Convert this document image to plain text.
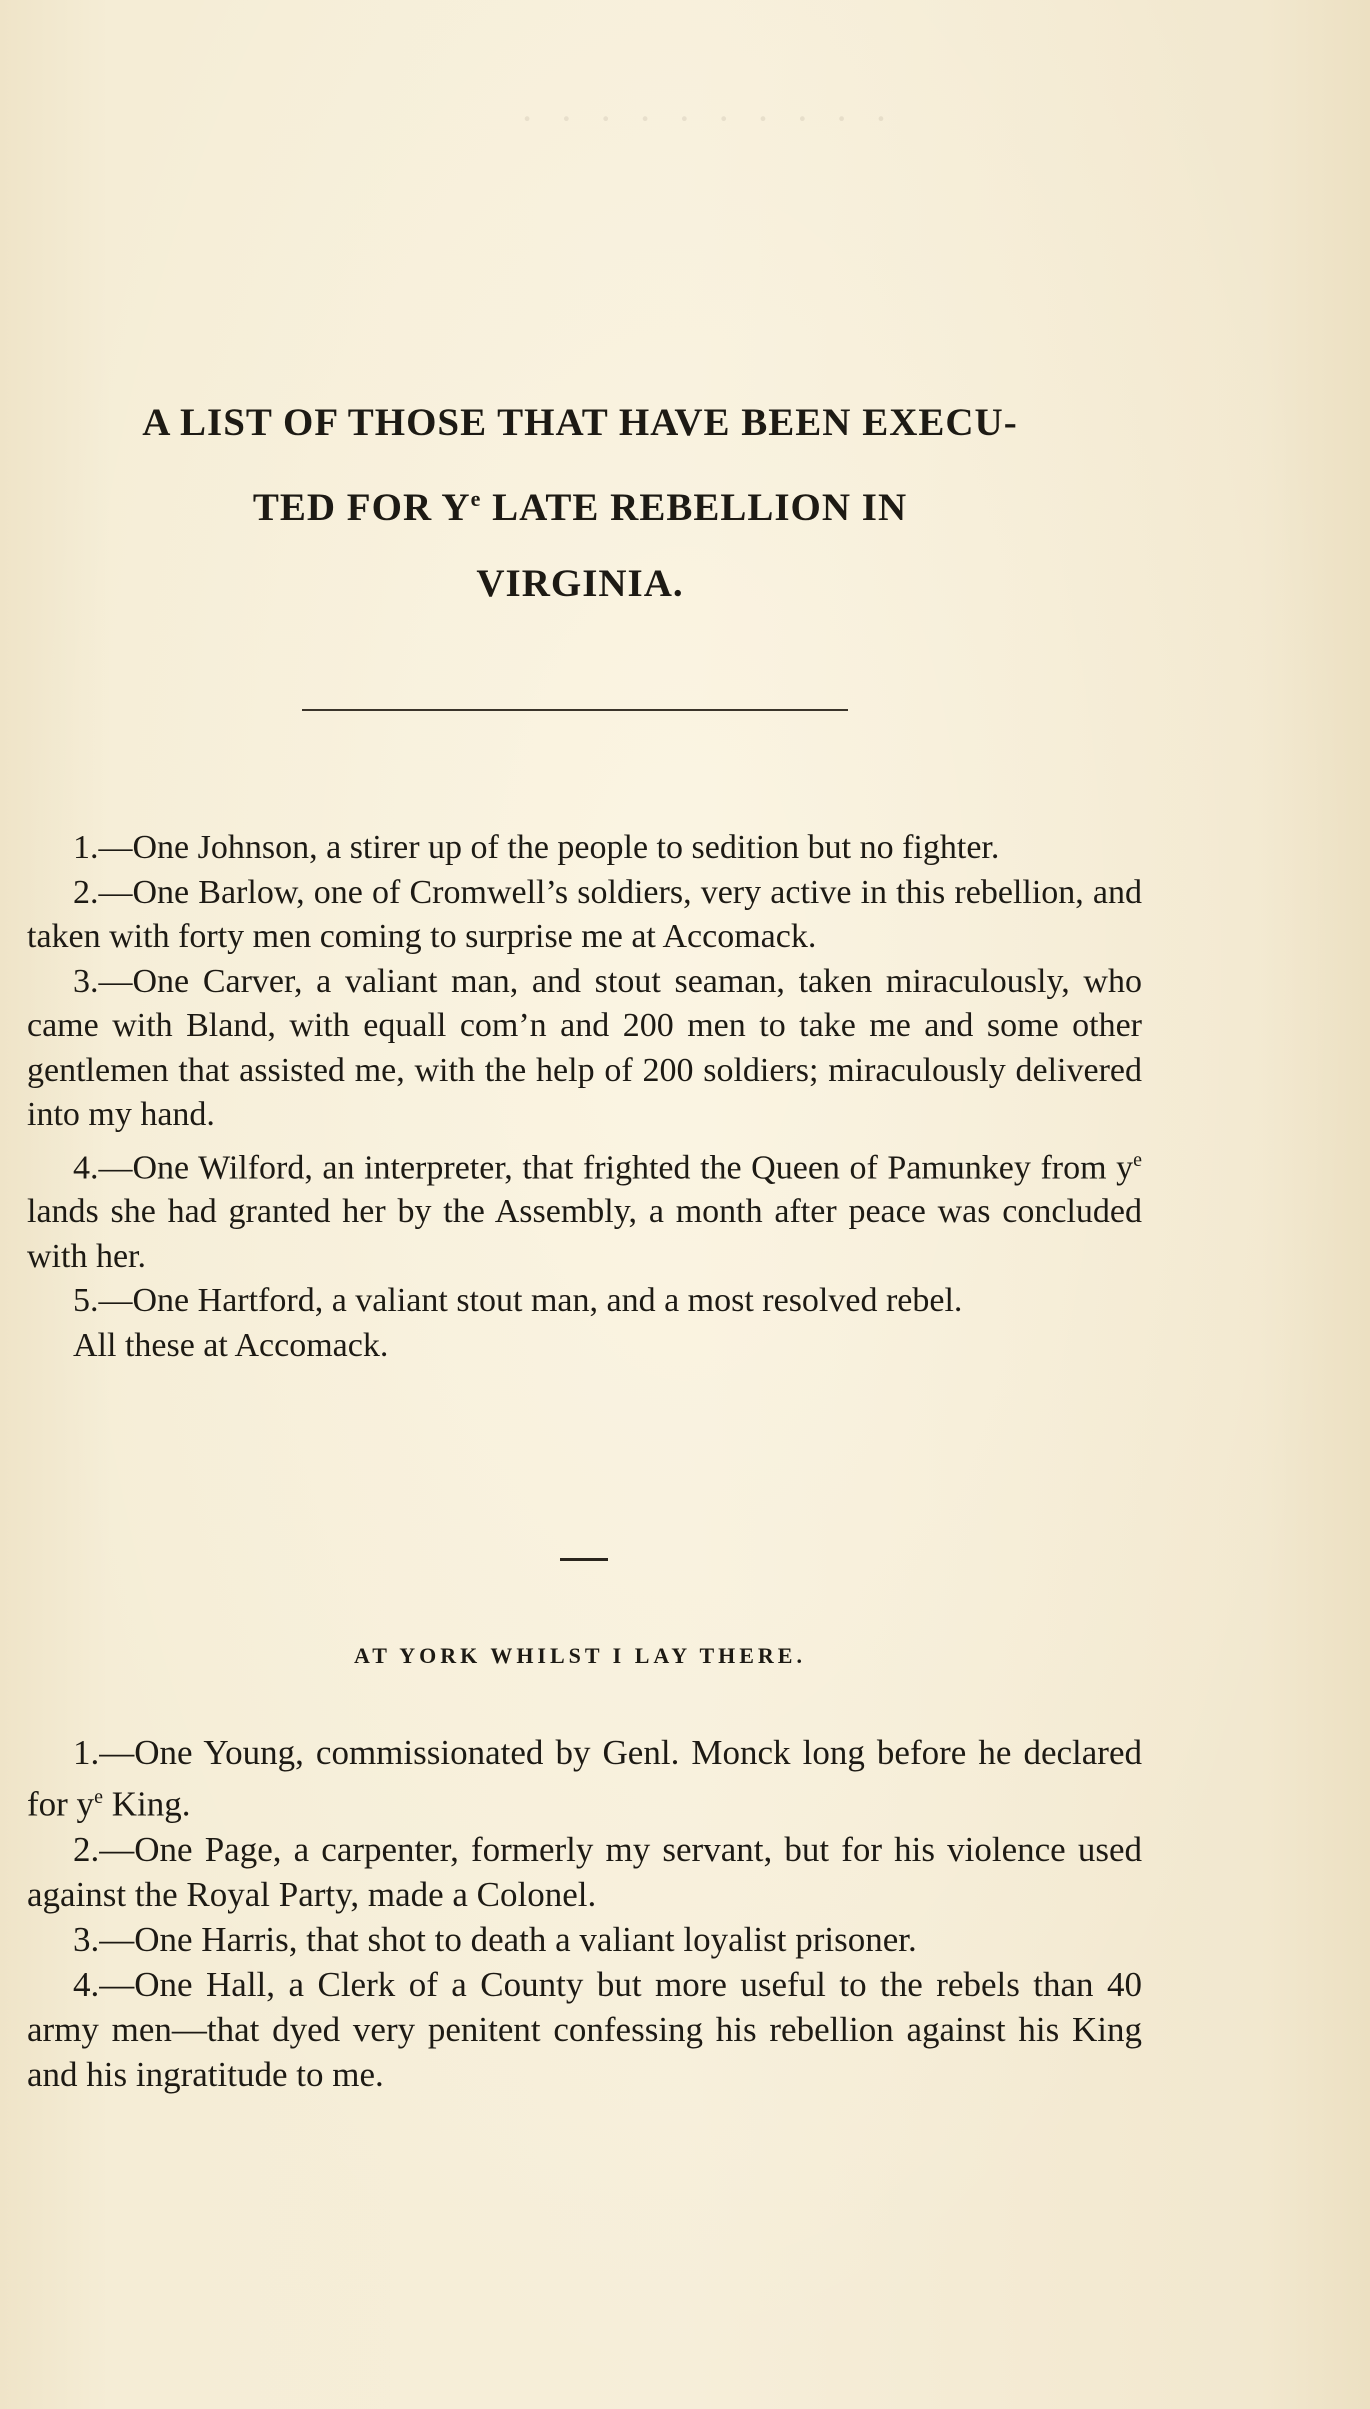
· · · · · · · · · ·
A LIST OF THOSE THAT HAVE BEEN EXECU-
TED FOR $Y^e$ LATE REBELLION IN
VIRGINIA.

1.—One Johnson, a stirer up of the people to sedition but no fighter.

2.—One Barlow, one of Cromwell’s soldiers, very active in this rebellion, and taken with forty men coming to surprise me at Accomack.

3.—One Carver, a valiant man, and stout seaman, taken miraculously, who came with Bland, with equall com’n and 200 men to take me and some other gentlemen that assisted me, with the help of 200 soldiers; miraculously delivered into my hand.

4.—One Wilford, an interpreter, that frighted the Queen of Pamunkey from $y^e$ lands she had granted her by the Assembly, a month after peace was concluded with her.

5.—One Hartford, a valiant stout man, and a most resolved rebel.

All these at Accomack.

AT YORK WHILST I LAY THERE.

1.—One Young, commissionated by Genl. Monck long before he declared for $y^e$ King.

2.—One Page, a carpenter, formerly my servant, but for his violence used against the Royal Party, made a Colonel.

3.—One Harris, that shot to death a valiant loyalist prisoner.

4.—One Hall, a Clerk of a County but more useful to the rebels than 40 army men—that dyed very penitent confessing his rebellion against his King and his ingratitude to me.
